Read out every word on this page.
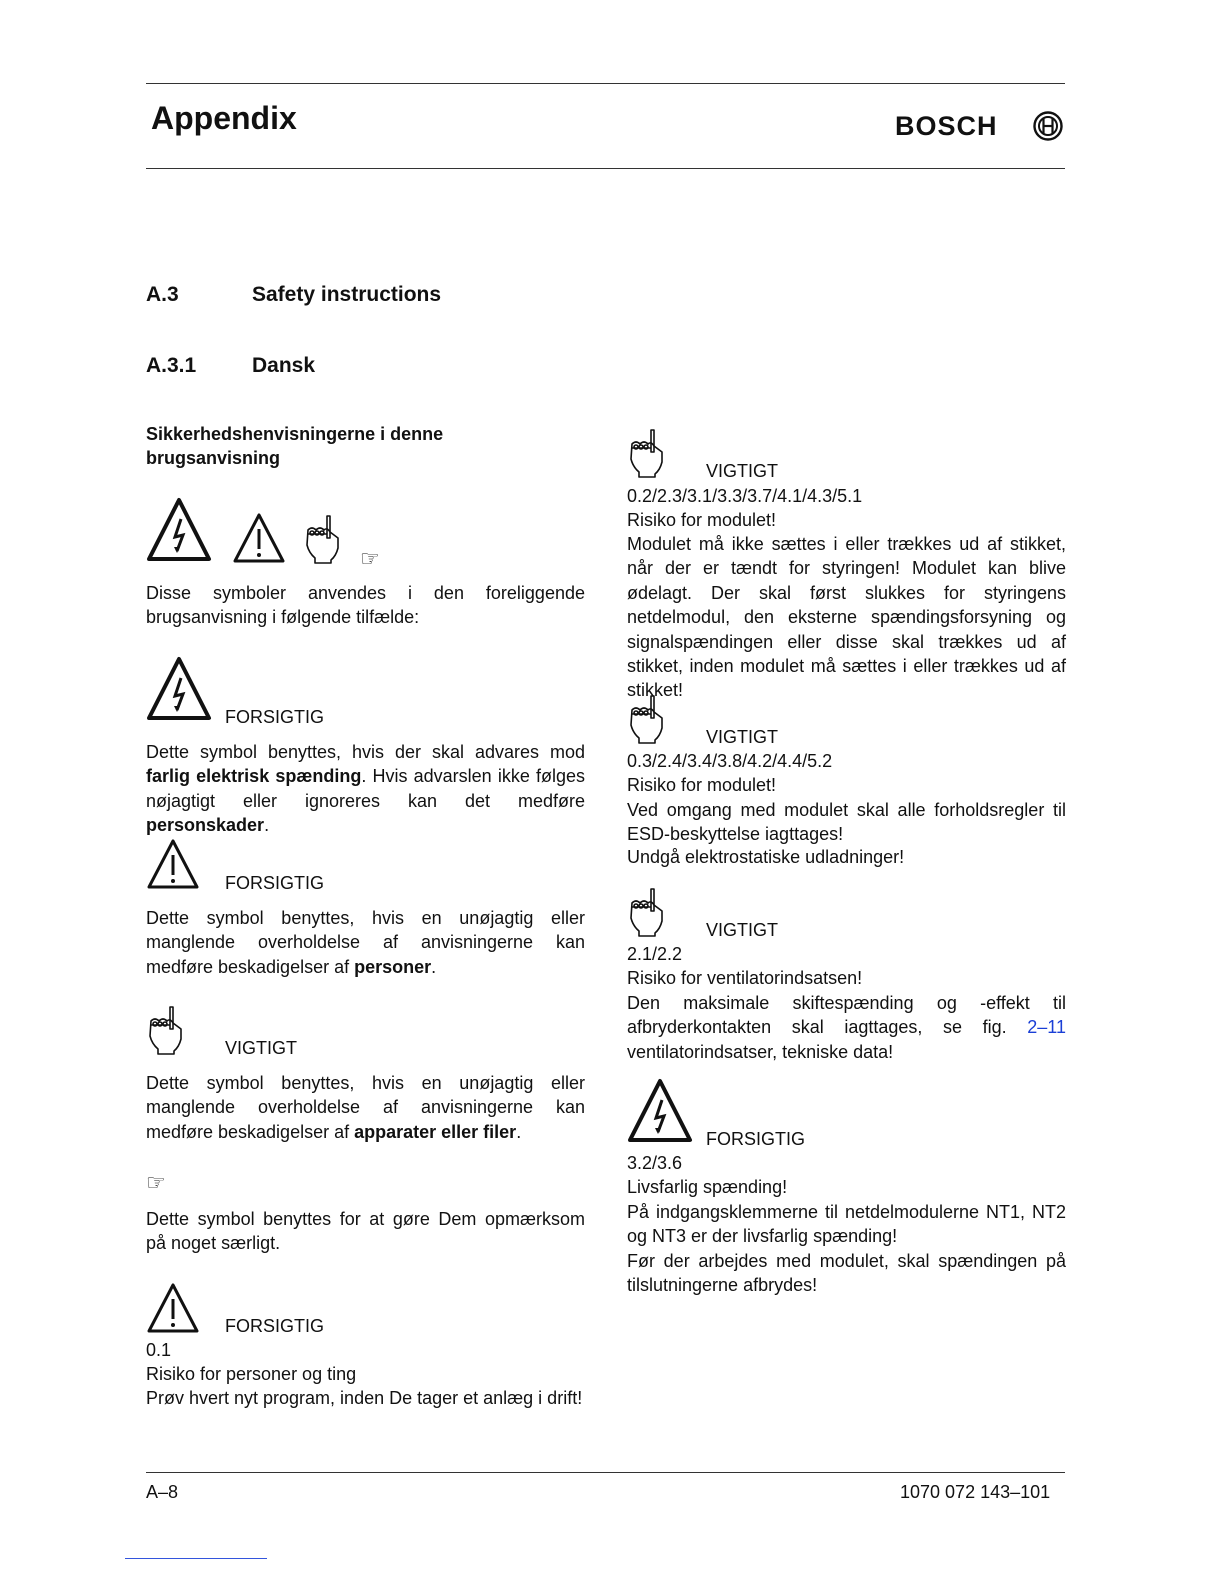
Appendix	BOSCH
A.3	Safety instructions
A.3.1	Dansk
Sikkerhedshenvisningerne i denne brugsanvisning
☞
Disse symboler anvendes i den foreliggende brugsanvisning i følgende tilfælde:
FORSIGTIG
Dette symbol benyttes, hvis der skal advares mod farlig elektrisk spænding. Hvis advarslen ikke følges nøjagtigt eller ignoreres kan det medføre personskader.
FORSIGTIG
Dette symbol benyttes, hvis en unøjagtig eller manglende overholdelse af anvisningerne kan medføre beskadigelser af personer.
VIGTIGT
Dette symbol benyttes, hvis en unøjagtig eller manglende overholdelse af anvisningerne kan medføre beskadigelser af apparater eller filer.
☞
Dette symbol benyttes for at gøre Dem opmærksom på noget særligt.
FORSIGTIG
0.1
Risiko for personer og ting
Prøv hvert nyt program, inden De tager et anlæg i drift!
VIGTIGT
0.2/2.3/3.1/3.3/3.7/4.1/4.3/5.1
Risiko for modulet!
Modulet må ikke sættes i eller trækkes ud af stikket, når der er tændt for styringen! Modulet kan blive ødelagt. Der skal først slukkes for styringens netdelmodul, den eksterne spændingsforsyning og signalspændingen eller disse skal trækkes ud af stikket, inden modulet må sættes i eller trækkes ud af stikket!
VIGTIGT
0.3/2.4/3.4/3.8/4.2/4.4/5.2
Risiko for modulet!
Ved omgang med modulet skal alle forholdsregler til ESD-beskyttelse iagttages!
Undgå elektrostatiske udladninger!
VIGTIGT
2.1/2.2
Risiko for ventilatorindsatsen!
Den maksimale skiftespænding og -effekt til afbryderkontakten skal iagttages, se fig. 2–11 ventilatorindsatser, tekniske data!
FORSIGTIG
3.2/3.6
Livsfarlig spænding!
På indgangsklemmerne til netdelmodulerne NT1, NT2 og NT3 er der livsfarlig spænding!
Før der arbejdes med modulet, skal spændingen på tilslutningerne afbrydes!
A–8	1070 072 143–101
